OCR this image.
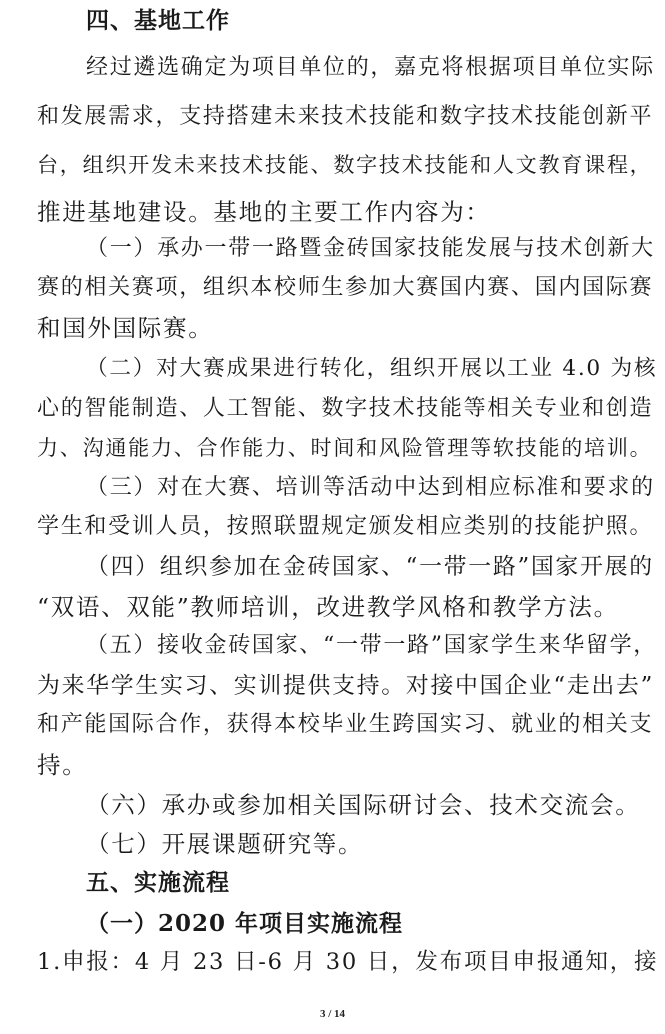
3 / 14
四、基地工作
经过遴选确定为项目单位的，嘉克将根据项目单位实际
和发展需求，支持搭建未来技术技能和数字技术技能创新平
台，组织开发未来技术技能、数字技术技能和人文教育课程，
推进基地建设。基地的主要工作内容为：
（一）承办一带一路暨金砖国家技能发展与技术创新大
赛的相关赛项，组织本校师生参加大赛国内赛、国内国际赛
和国外国际赛。
（二）对大赛成果进行转化，组织开展以工业 4.0 为核
心的智能制造、人工智能、数字技术技能等相关专业和创造
力、沟通能力、合作能力、时间和风险管理等软技能的培训。
（三）对在大赛、培训等活动中达到相应标准和要求的
学生和受训人员，按照联盟规定颁发相应类别的技能护照。
（四）组织参加在金砖国家、“一带一路”国家开展的
“双语、双能”教师培训，改进教学风格和教学方法。
（五）接收金砖国家、“一带一路”国家学生来华留学，
为来华学生实习、实训提供支持。对接中国企业“走出去”
和产能国际合作，获得本校毕业生跨国实习、就业的相关支
持。
（六）承办或参加相关国际研讨会、技术交流会。
（七）开展课题研究等。
五、实施流程
（一）2020 年项目实施流程
1.申报：4 月 23 日-6 月 30 日，发布项目申报通知，接
